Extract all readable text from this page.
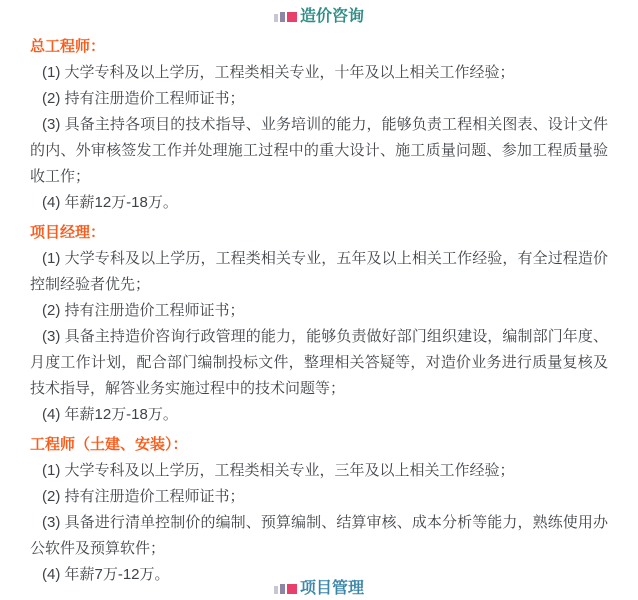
造价咨询
总工程师：

(1) 大学专科及以上学历，工程类相关专业，十年及以上相关工作经验；

(2) 持有注册造价工程师证书；

(3) 具备主持各项目的技术指导、业务培训的能力，能够负责工程相关图表、设计文件的内、外审核签发工作并处理施工过程中的重大设计、施工质量问题、参加工程质量验收工作；

(4) 年薪12万-18万。

项目经理：

(1) 大学专科及以上学历，工程类相关专业，五年及以上相关工作经验，有全过程造价控制经验者优先；

(2) 持有注册造价工程师证书；

(3) 具备主持造价咨询行政管理的能力，能够负责做好部门组织建设，编制部门年度、月度工作计划，配合部门编制投标文件，整理相关答疑等，对造价业务进行质量复核及技术指导，解答业务实施过程中的技术问题等；

(4) 年薪12万-18万。

工程师（土建、安装）：

(1) 大学专科及以上学历，工程类相关专业，三年及以上相关工作经验；

(2) 持有注册造价工程师证书；

(3) 具备进行清单控制价的编制、预算编制、结算审核、成本分析等能力，熟练使用办公软件及预算软件；

(4) 年薪7万-12万。

项目管理
